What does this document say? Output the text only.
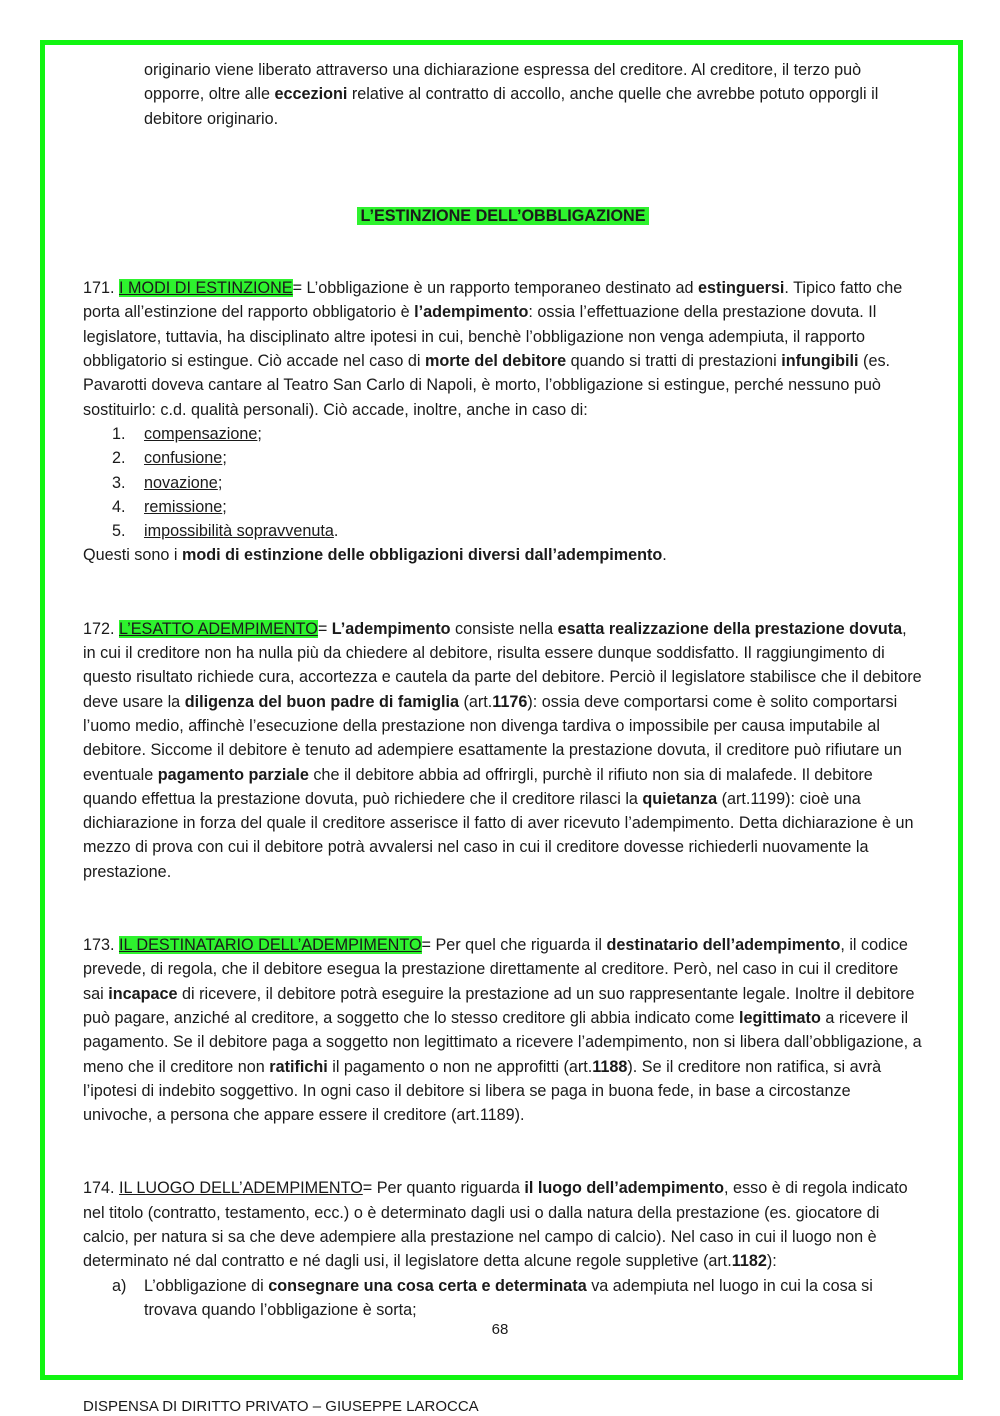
originario viene liberato attraverso una dichiarazione espressa del creditore. Al creditore, il terzo può opporre, oltre alle eccezioni relative al contratto di accollo, anche quelle che avrebbe potuto opporgli il debitore originario.

L’ESTINZIONE DELL’OBBLIGAZIONE

171. I MODI DI ESTINZIONE= L’obbligazione è un rapporto temporaneo destinato ad estinguersi. Tipico fatto che porta all’estinzione del rapporto obbligatorio è l’adempimento: ossia l’effettuazione della prestazione dovuta. Il legislatore, tuttavia, ha disciplinato altre ipotesi in cui, benchè l’obbligazione non venga adempiuta, il rapporto obbligatorio si estingue. Ciò accade nel caso di morte del debitore quando si tratti di prestazioni infungibili (es. Pavarotti doveva cantare al Teatro San Carlo di Napoli, è morto, l’obbligazione si estingue, perché nessuno può sostituirlo: c.d. qualità personali). Ciò accade, inoltre, anche in caso di:

1.	compensazione;
2.	confusione;
3.	novazione;
4.	remissione;
5.	impossibilità sopravvenuta.

Questi sono i modi di estinzione delle obbligazioni diversi dall’adempimento.

172. L’ESATTO ADEMPIMENTO= L’adempimento consiste nella esatta realizzazione della prestazione dovuta, in cui il creditore non ha nulla più da chiedere al debitore, risulta essere dunque soddisfatto. Il raggiungimento di questo risultato richiede cura, accortezza e cautela da parte del debitore. Perciò il legislatore stabilisce che il debitore deve usare la diligenza del buon padre di famiglia (art.1176): ossia deve comportarsi come è solito comportarsi l’uomo medio, affinchè l’esecuzione della prestazione non divenga tardiva o impossibile per causa imputabile al debitore. Siccome il debitore è tenuto ad adempiere esattamente la prestazione dovuta, il creditore può rifiutare un eventuale pagamento parziale che il debitore abbia ad offrirgli, purchè il rifiuto non sia di malafede. Il debitore quando effettua la prestazione dovuta, può richiedere che il creditore rilasci la quietanza (art.1199): cioè una dichiarazione in forza del quale il creditore asserisce il fatto di aver ricevuto l’adempimento. Detta dichiarazione è un mezzo di prova con cui il debitore potrà avvalersi nel caso in cui il creditore dovesse richiederli nuovamente la prestazione.

173. IL DESTINATARIO DELL’ADEMPIMENTO= Per quel che riguarda il destinatario dell’adempimento, il codice prevede, di regola, che il debitore esegua la prestazione direttamente al creditore. Però, nel caso in cui il creditore sai incapace di ricevere, il debitore potrà eseguire la prestazione ad un suo rappresentante legale. Inoltre il debitore può pagare, anziché al creditore, a soggetto che lo stesso creditore gli abbia indicato come legittimato a ricevere il pagamento. Se il debitore paga a soggetto non legittimato a ricevere l’adempimento, non si libera dall’obbligazione, a meno che il creditore non ratifichi il pagamento o non ne approfitti (art.1188). Se il creditore non ratifica, si avrà l’ipotesi di indebito soggettivo. In ogni caso il debitore si libera se paga in buona fede, in base a circostanze univoche, a persona che appare essere il creditore (art.1189).

174. IL LUOGO DELL’ADEMPIMENTO= Per quanto riguarda il luogo dell’adempimento, esso è di regola indicato nel titolo (contratto, testamento, ecc.) o è determinato dagli usi o dalla natura della prestazione (es. giocatore di calcio, per natura si sa che deve adempiere alla prestazione nel campo di calcio). Nel caso in cui il luogo non è determinato né dal contratto e né dagli usi, il legislatore detta alcune regole suppletive (art.1182):

a)	L’obbligazione di consegnare una cosa certa e determinata va adempiuta nel luogo in cui la cosa si trovava quando l’obbligazione è sorta;
68
DISPENSA DI DIRITTO PRIVATO – GIUSEPPE LAROCCA
